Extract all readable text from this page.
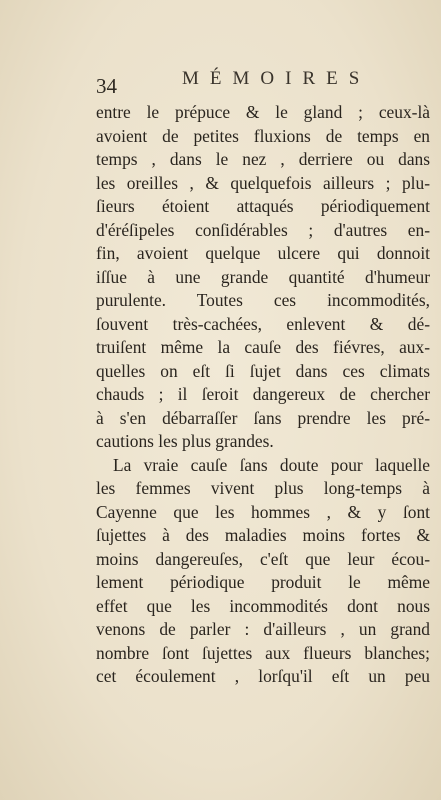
34	MÉMOIRES
entre le prépuce & le gland ; ceux-là
avoient de petites fluxions de temps en
temps , dans le nez , derriere ou dans
les oreilles , & quelquefois ailleurs ; plu-
ſieurs étoient attaqués périodiquement
d'éréſipeles conſidérables ; d'autres en-
fin, avoient quelque ulcere qui donnoit
iſſue à une grande quantité d'humeur
purulente. Toutes ces incommodités,
ſouvent très-cachées, enlevent & dé-
truiſent même la cauſe des fiévres, aux-
quelles on eſt ſi ſujet dans ces climats
chauds ; il ſeroit dangereux de chercher
à s'en débarraſſer ſans prendre les pré-
cautions les plus grandes.
La vraie cauſe ſans doute pour laquelle
les femmes vivent plus long-temps à
Cayenne que les hommes , & y ſont
ſujettes à des maladies moins fortes &
moins dangereuſes, c'eſt que leur écou-
lement périodique produit le même
effet que les incommodités dont nous
venons de parler : d'ailleurs , un grand
nombre ſont ſujettes aux flueurs blanches;
cet écoulement , lorſqu'il eſt un peu
